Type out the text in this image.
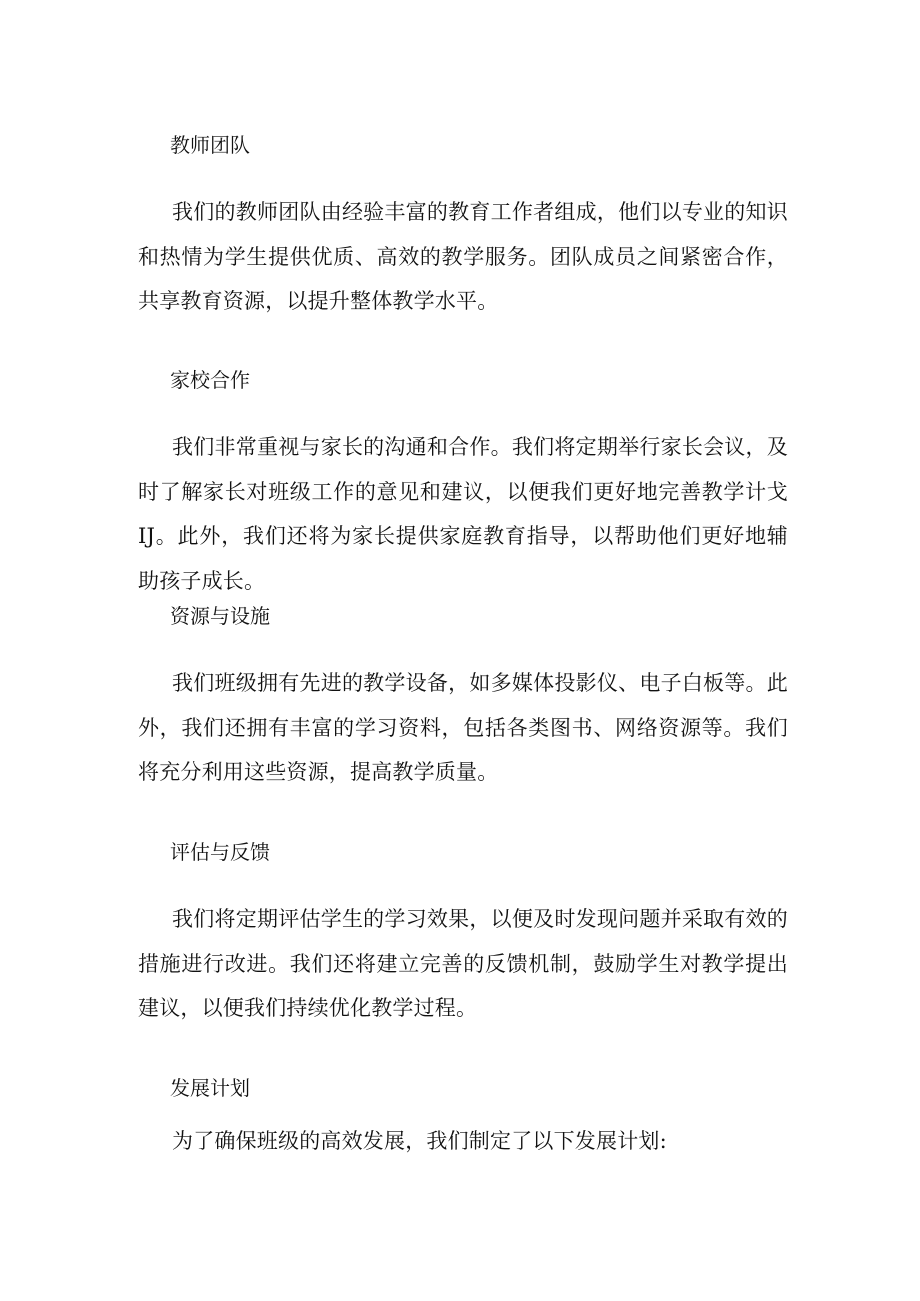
教师团队

我们的教师团队由经验丰富的教育工作者组成，他们以专业的知识和热情为学生提供优质、高效的教学服务。团队成员之间紧密合作，共享教育资源，以提升整体教学水平。

家校合作

我们非常重视与家长的沟通和合作。我们将定期举行家长会议，及时了解家长对班级工作的意见和建议，以便我们更好地完善教学计戈IJ。此外，我们还将为家长提供家庭教育指导，以帮助他们更好地辅助孩子成长。

资源与设施

我们班级拥有先进的教学设备，如多媒体投影仪、电子白板等。此外，我们还拥有丰富的学习资料，包括各类图书、网络资源等。我们将充分利用这些资源，提高教学质量。

评估与反馈

我们将定期评估学生的学习效果，以便及时发现问题并采取有效的措施进行改进。我们还将建立完善的反馈机制，鼓励学生对教学提出建议，以便我们持续优化教学过程。

发展计划

为了确保班级的高效发展，我们制定了以下发展计划:
